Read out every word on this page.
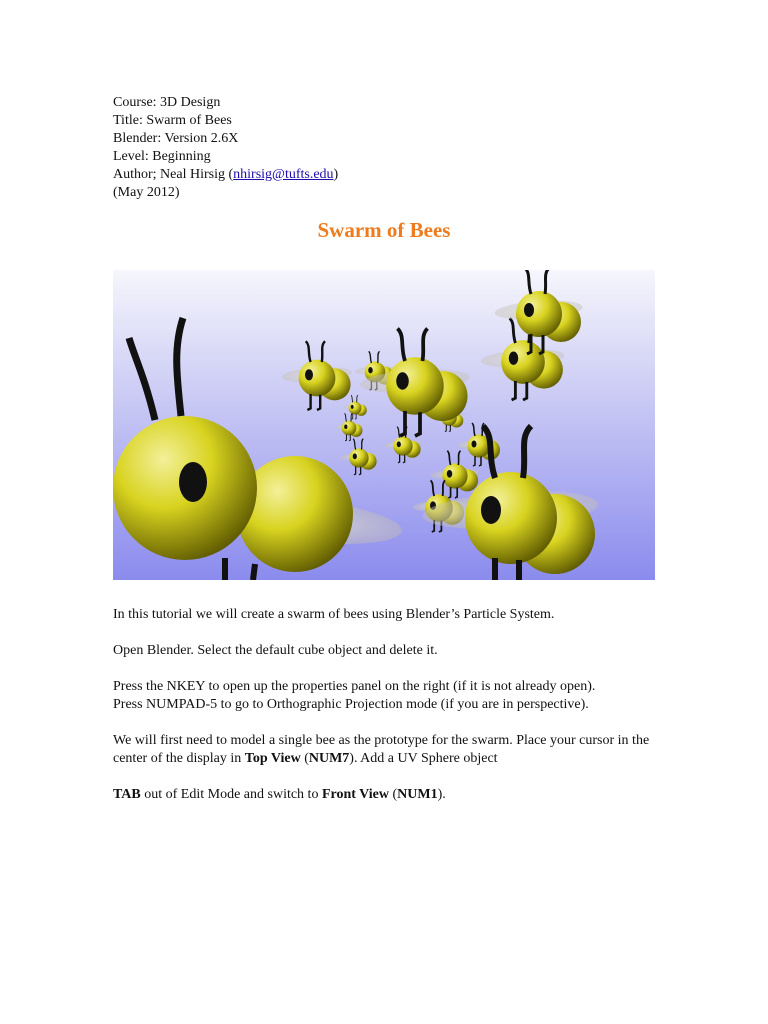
Course: 3D Design
Title: Swarm of Bees
Blender: Version 2.6X
Level: Beginning
Author; Neal Hirsig (nhirsig@tufts.edu)
(May 2012)
Swarm of Bees
In this tutorial we will create a swarm of bees using Blender’s Particle System.
Open Blender. Select the default cube object and delete it.
Press the NKEY to open up the properties panel on the right (if it is not already open).
Press NUMPAD-5 to go to Orthographic Projection mode (if you are in perspective).
We will first need to model a single bee as the prototype for the swarm. Place your cursor in the center of the display in Top View (NUM7). Add a UV Sphere object
TAB out of Edit Mode and switch to Front View (NUM1).
